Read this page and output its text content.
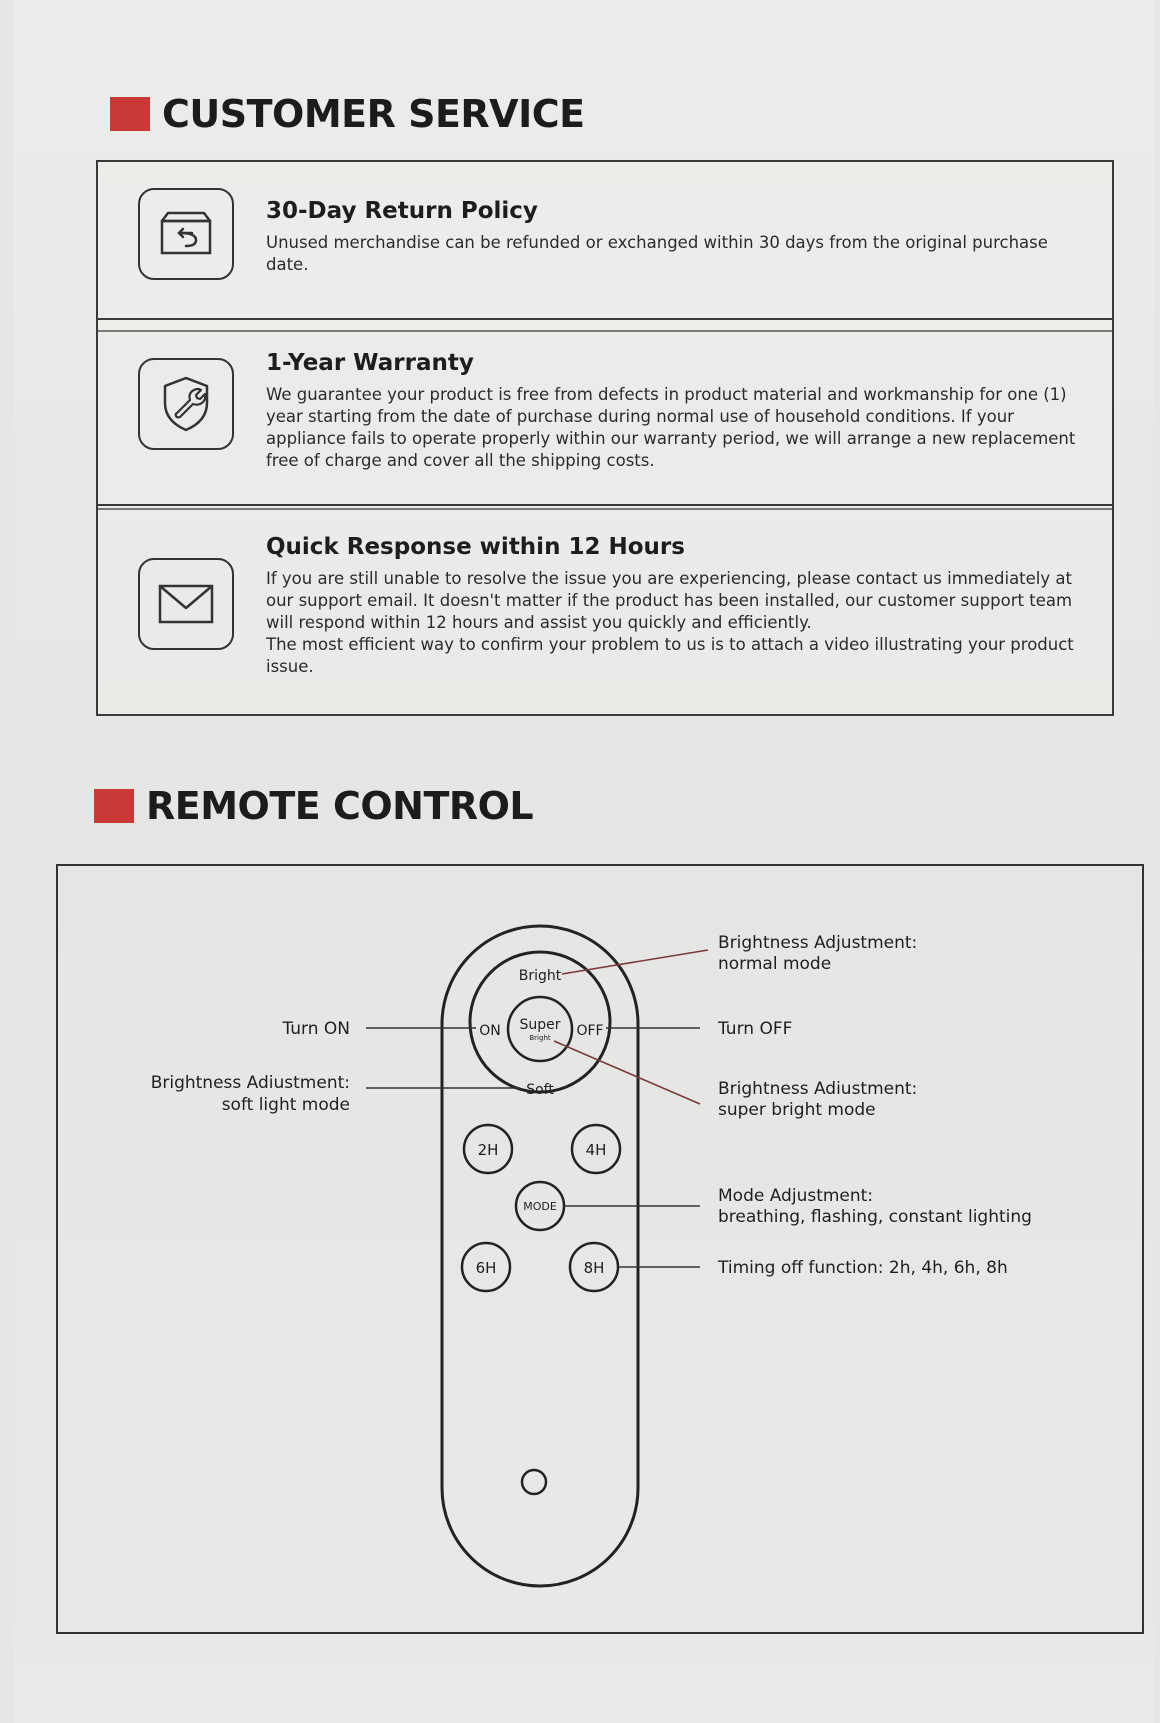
CUSTOMER SERVICE
30-Day Return Policy

Unused merchandise can be refunded or exchanged within 30 days from the original purchase date.

1-Year Warranty

We guarantee your product is free from defects in product material and workmanship for one (1) year starting from the date of purchase during normal use of household conditions. If your appliance fails to operate properly within our warranty period, we will arrange a new replacement free of charge and cover all the shipping costs.

Quick Response within 12 Hours

If you are still unable to resolve the issue you are experiencing, please contact us immediately at our support email. It doesn't matter if the product has been installed, our customer support team will respond within 12 hours and assist you quickly and efficiently.

The most efficient way to confirm your problem to us is to attach a video illustrating your product issue.

REMOTE CONTROL
Bright
ON Super
Bright OFF
Soft
2H	4H
MODE
6H	8H
Brightness Adjustment:
normal mode
Turn OFF
Brightness Adiustment:
super bright mode
Mode Adjustment:
breathing, flashing, constant lighting
Timing off function: 2h, 4h, 6h, 8h
Turn ON
Brightness Adiustment:
soft light mode
